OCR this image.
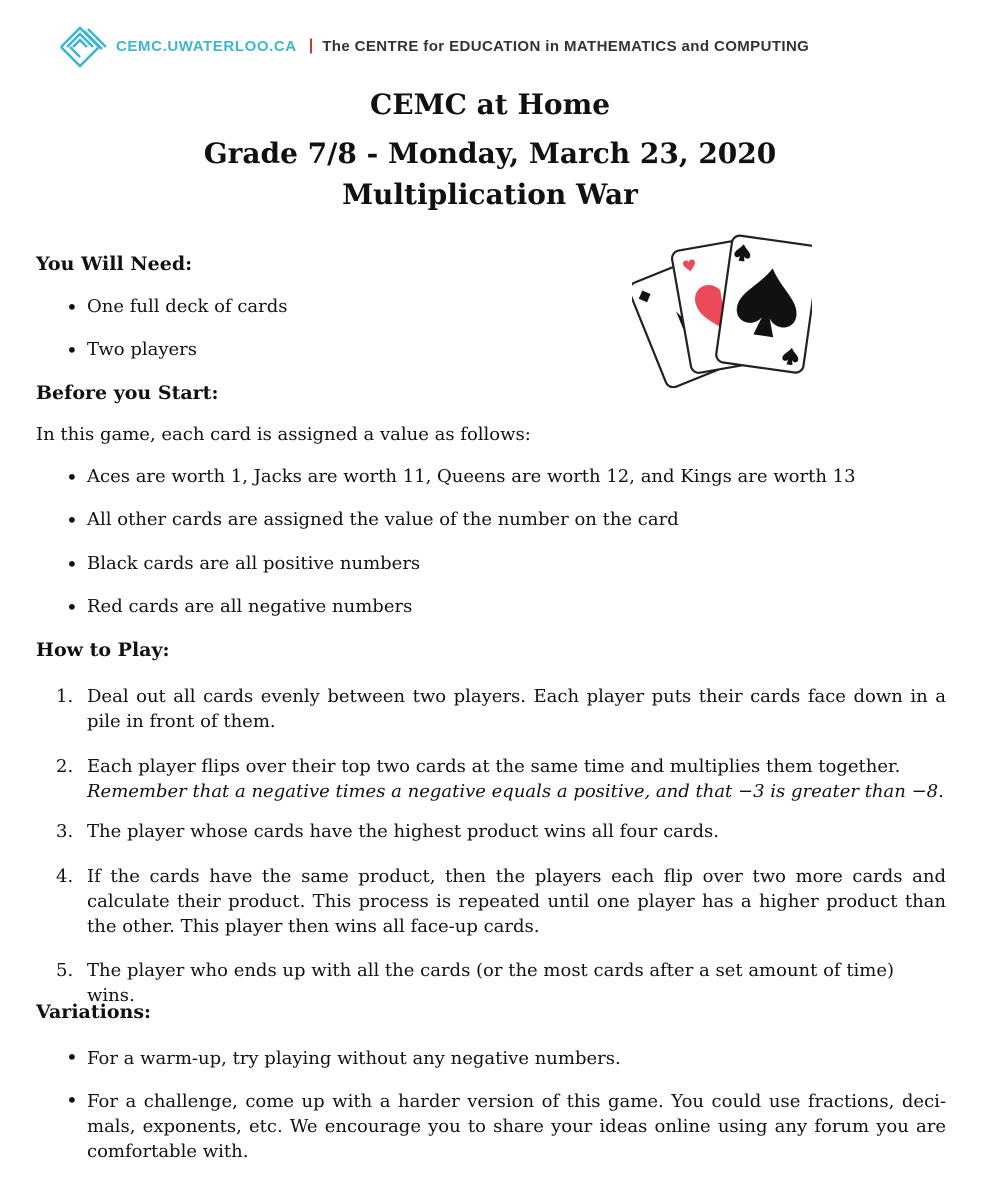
CEMC.UWATERLOO.CA | The CENTRE for EDUCATION in MATHEMATICS and COMPUTING
CEMC at Home
Grade 7/8 - Monday, March 23, 2020
Multiplication War
You Will Need:
• One full deck of cards
• Two players
Before you Start:
In this game, each card is assigned a value as follows:
• Aces are worth 1, Jacks are worth 11, Queens are worth 12, and Kings are worth 13
• All other cards are assigned the value of the number on the card
• Black cards are all positive numbers
• Red cards are all negative numbers
How to Play:
1. Deal out all cards evenly between two players. Each player puts their cards face down in a pile in front of them.
2. Each player flips over their top two cards at the same time and multiplies them together.
Remember that a negative times a negative equals a positive, and that −3 is greater than −8.
3. The player whose cards have the highest product wins all four cards.
4. If the cards have the same product, then the players each flip over two more cards and calculate their product. This process is repeated until one player has a higher product than the other. This player then wins all face-up cards.
5. The player who ends up with all the cards (or the most cards after a set amount of time) wins.
Variations:
• For a warm-up, try playing without any negative numbers.
• For a challenge, come up with a harder version of this game. You could use fractions, deci-mals, exponents, etc. We encourage you to share your ideas online using any forum you are comfortable with.
